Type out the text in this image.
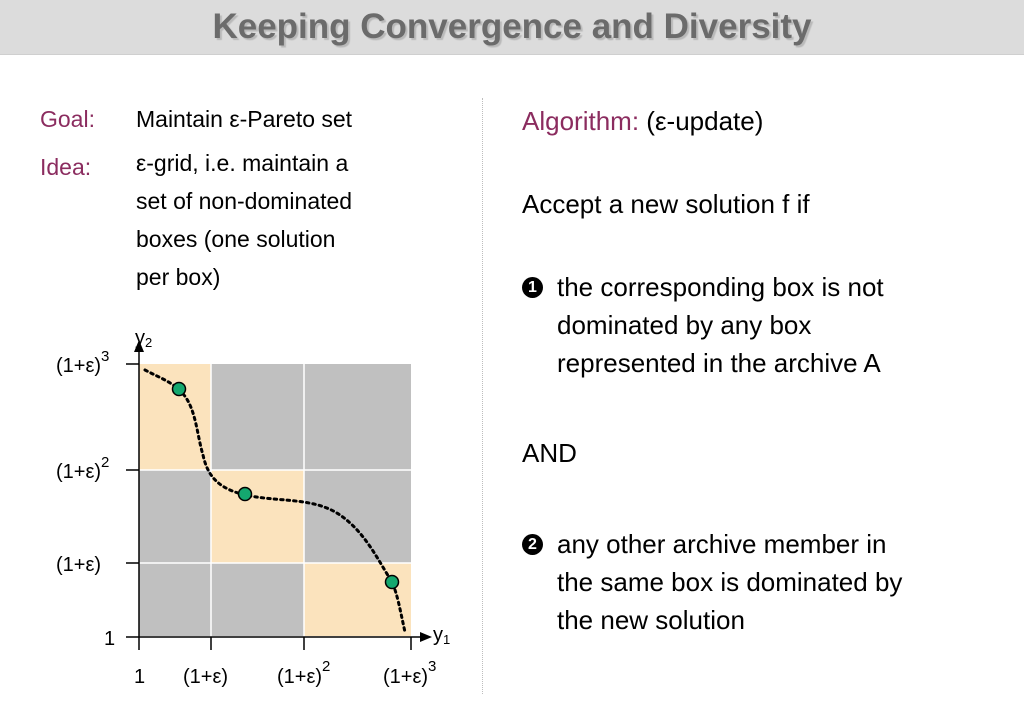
Keeping Convergence and Diversity
Goal: Maintain ε-Pareto set
Idea: ε-grid, i.e. maintain a
set of non-dominated
boxes (one solution
per box)
y2
y1
$(1+\varepsilon)^3$
$(1+\varepsilon)^2$
(1+ε)
1
1 (1+ε) $(1+\varepsilon)^2$	$(1+\varepsilon)^3$
Algorithm: (ε-update)
Accept a new solution f if
1 the corresponding box is not
dominated by any box
represented in the archive A
AND
2 any other archive member in
the same box is dominated by
the new solution
